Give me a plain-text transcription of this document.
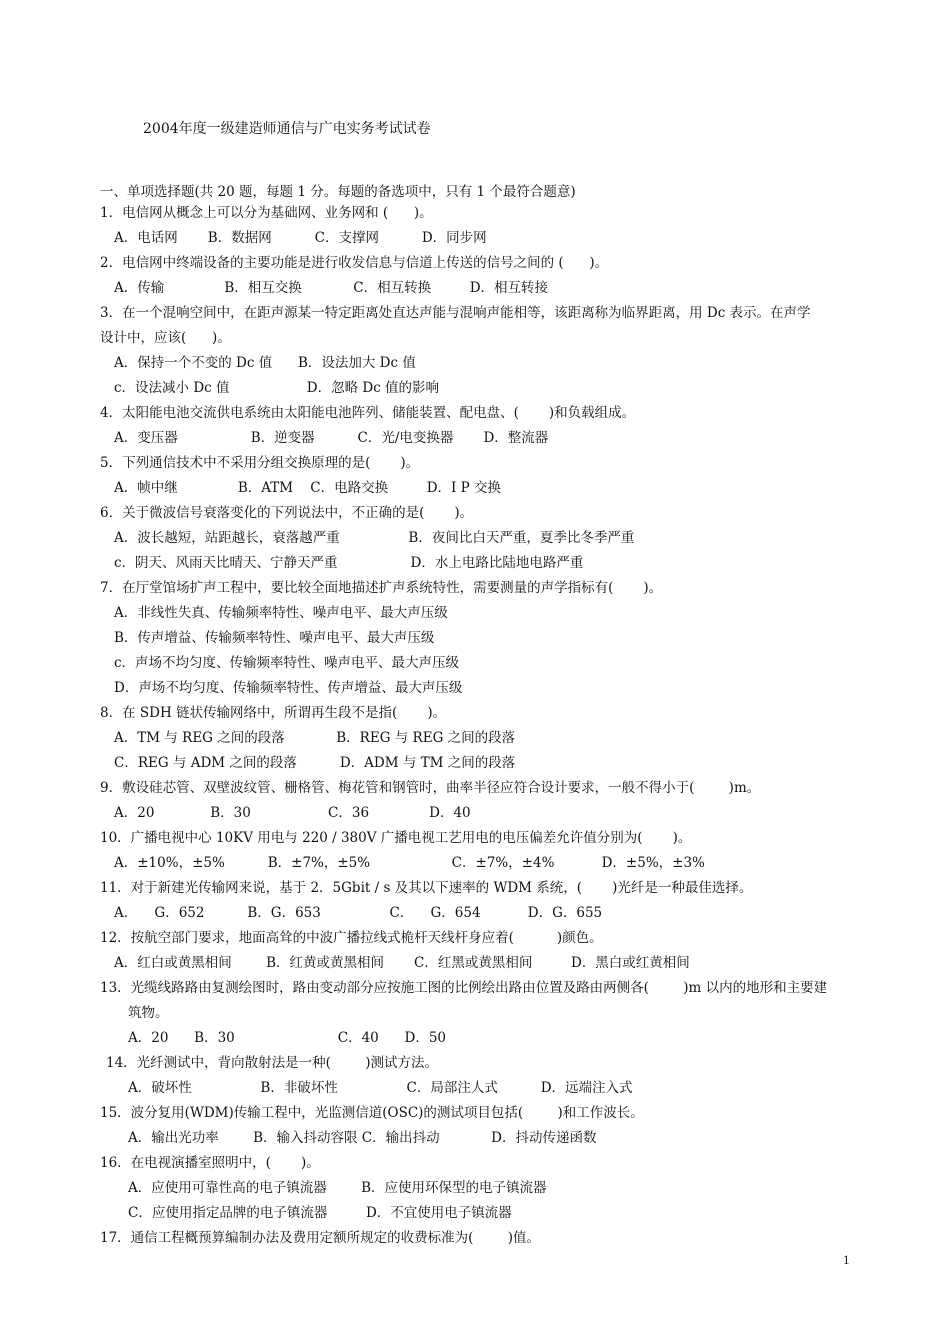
2004年度一级建造师通信与广电实务考试试卷
一、单项选择题(共 20 题，每题 1 分。每题的备选项中，只有 1 个最符合题意)
1．电信网从概念上可以分为基础网、业务网和 (      )。
A．电话网       B．数据网          C．支撑网          D．同步网
2．电信网中终端设备的主要功能是进行收发信息与信道上传送的信号之间的 (      )。
A．传输              B．相互交换            C．相互转换         D．相互转接
3．在一个混响空间中，在距声源某一特定距离处直达声能与混响声能相等，该距离称为临界距离，用 Dc 表示。在声学
设计中，应该(      )。
A．保持一个不变的 Dc 值      B．设法加大 Dc 值
c．设法减小 Dc 值                  D．忽略 Dc 值的影响
4．太阳能电池交流供电系统由太阳能电池阵列、储能装置、配电盘、(       )和负载组成。
A．变压器                 B．逆变器          C．光/电变换器       D．整流器
5．下列通信技术中不采用分组交换原理的是(       )。
A．帧中继              B．ATM    C．电路交换         D．I P 交换
6．关于微波信号衰落变化的下列说法中，不正确的是(       )。
A．波长越短，站距越长，衰落越严重                B．夜间比白天严重，夏季比冬季严重
c．阴天、风雨天比晴天、宁静天严重                 D．水上电路比陆地电路严重
7．在厅堂馆场扩声工程中，要比较全面地描述扩声系统特性，需要测量的声学指标有(       )。
A．非线性失真、传输频率特性、噪声电平、最大声压级
B．传声增益、传输频率特性、噪声电平、最大声压级
c．声场不均匀度、传输频率特性、噪声电平、最大声压级
D．声场不均匀度、传输频率特性、传声增益、最大声压级
8．在 SDH 链状传输网络中，所谓再生段不是指(       )。
A．TM 与 REG 之间的段落            B．REG 与 REG 之间的段落
C．REG 与 ADM 之间的段落          D．ADM 与 TM 之间的段落
9．敷设硅芯管、双壁波纹管、栅格管、梅花管和钢管时，曲率半径应符合设计要求，一般不得小于(        )m。
A．20             B．30                  C．36              D．40
10．广播电视中心 10KV 用电与 220 / 380V 广播电视工艺用电的电压偏差允许值分别为(       )。
A．±10%，±5%          B．±7%，±5%                   C．±7%，±4%           D．±5%，±3%
11．对于新建光传输网来说，基于 2．5Gbit / s 及其以下速率的 WDM 系统，(       )光纤是一种最佳选择。
A．    G．652          B．G．653                C．    G．654           D．G．655
12．按航空部门要求，地面高耸的中波广播拉线式桅杆天线杆身应着(          )颜色。
A．红白或黄黑相间        B．红黄或黄黑相间       C．红黑或黄黑相间         D．黑白或红黄相间
13．光缆线路路由复测绘图时，路由变动部分应按施工图的比例绘出路由位置及路由两侧各(        )m 以内的地形和主要建
筑物。
A．20      B．30                        C．40      D．50
14．光纤测试中，背向散射法是一种(        )测试方法。
A．破坏性                B．非破坏性                C．局部注人式          D．远端注入式
15．波分复用(WDM)传输工程中，光监测信道(OSC)的测试项目包括(        )和工作波长。
A．输出光功率        B．输入抖动容限 C．输出抖动            D．抖动传递函数
16．在电视演播室照明中，(       )。
A．应使用可靠性高的电子镇流器        B．应使用环保型的电子镇流器
C．应使用指定品牌的电子镇流器         D．不宜使用电子镇流器
17．通信工程概预算编制办法及费用定额所规定的收费标准为(        )值。
1
